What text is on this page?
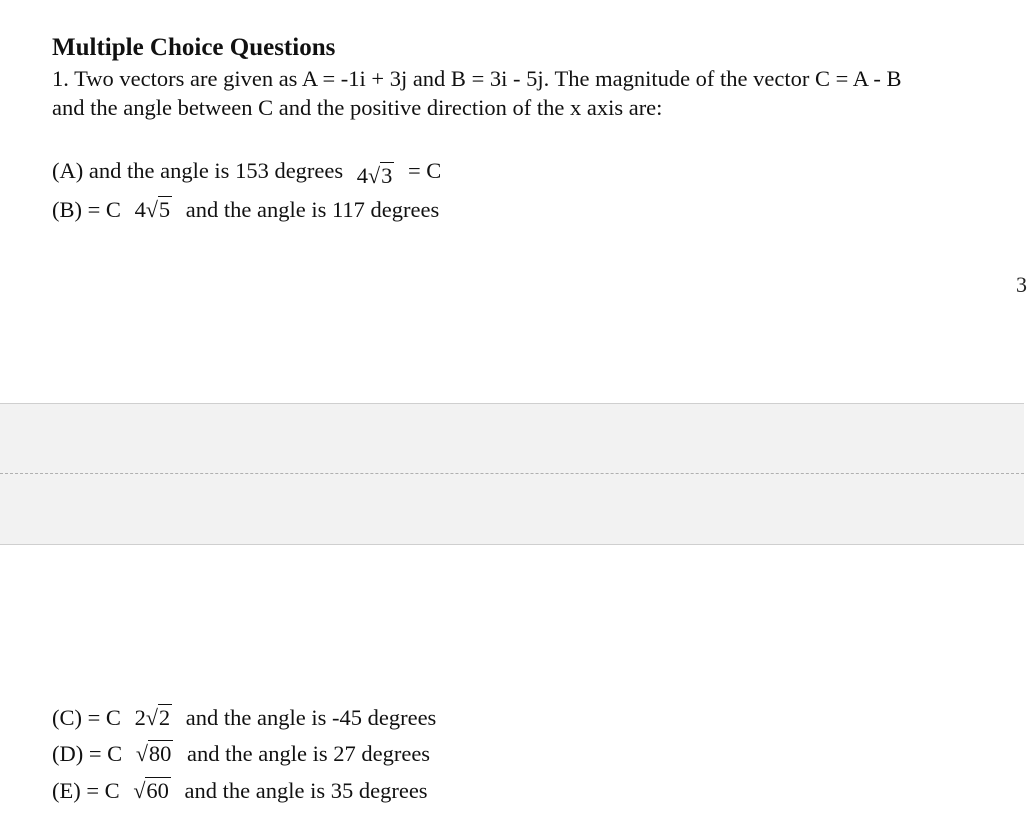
Multiple Choice Questions
1. Two vectors are given as A = -1i + 3j and B = 3i - 5j. The magnitude of the vector C = A - B
and the angle between C and the positive direction of the x axis are:
(A) and the angle is 153 degrees 4√3 = C
(B) = C 4√5 and the angle is 117 degrees
3
(C) = C 2√2 and the angle is -45 degrees
(D) = C √80 and the angle is 27 degrees
(E) = C √60 and the angle is 35 degrees
